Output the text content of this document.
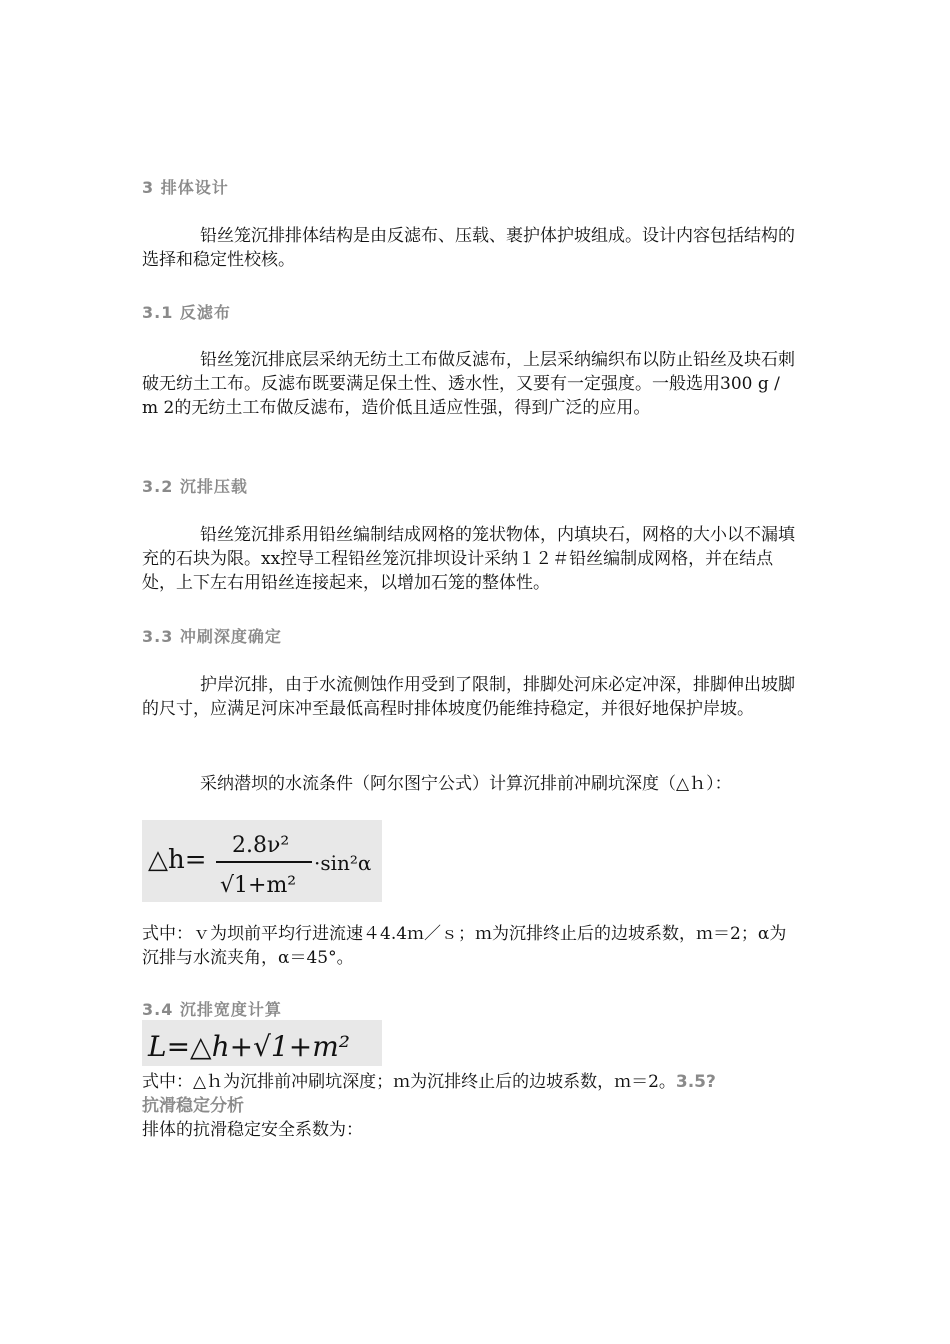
3 排体设计

铅丝笼沉排排体结构是由反滤布、压载、裹护体护坡组成。设计内容包括结构的选择和稳定性校核。

3.1 反滤布

铅丝笼沉排底层采纳无纺土工布做反滤布，上层采纳编织布以防止铅丝及块石刺破无纺土工布。反滤布既要满足保土性、透水性，又要有一定强度。一般选用300 g / m 2的无纺土工布做反滤布，造价低且适应性强，得到广泛的应用。

3.2 沉排压载

铅丝笼沉排系用铅丝编制结成网格的笼状物体，内填块石，网格的大小以不漏填充的石块为限。xx控导工程铅丝笼沉排坝设计采纳１２＃铅丝编制成网格，并在结点处，上下左右用铅丝连接起来，以增加石笼的整体性。

3.3 冲刷深度确定

护岸沉排，由于水流侧蚀作用受到了限制，排脚处河床必定冲深，排脚伸出坡脚的尺寸，应满足河床冲至最低高程时排体坡度仍能维持稳定，并很好地保护岸坡。

采纳潜坝的水流条件（阿尔图宁公式）计算沉排前冲刷坑深度（△ｈ）：

△h= 2.8ν²
√1+m²
·sin²α

式中：ｖ为坝前平均行进流速４4.4ｍ／ｓ；ｍ为沉排终止后的边坡系数，ｍ＝2；α为沉排与水流夹角，α＝45°。

3.4 沉排宽度计算
L=△h+√1+m²

式中：△ｈ为沉排前冲刷坑深度；ｍ为沉排终止后的边坡系数，ｍ＝2。3.5?
抗滑稳定分析

排体的抗滑稳定安全系数为：
